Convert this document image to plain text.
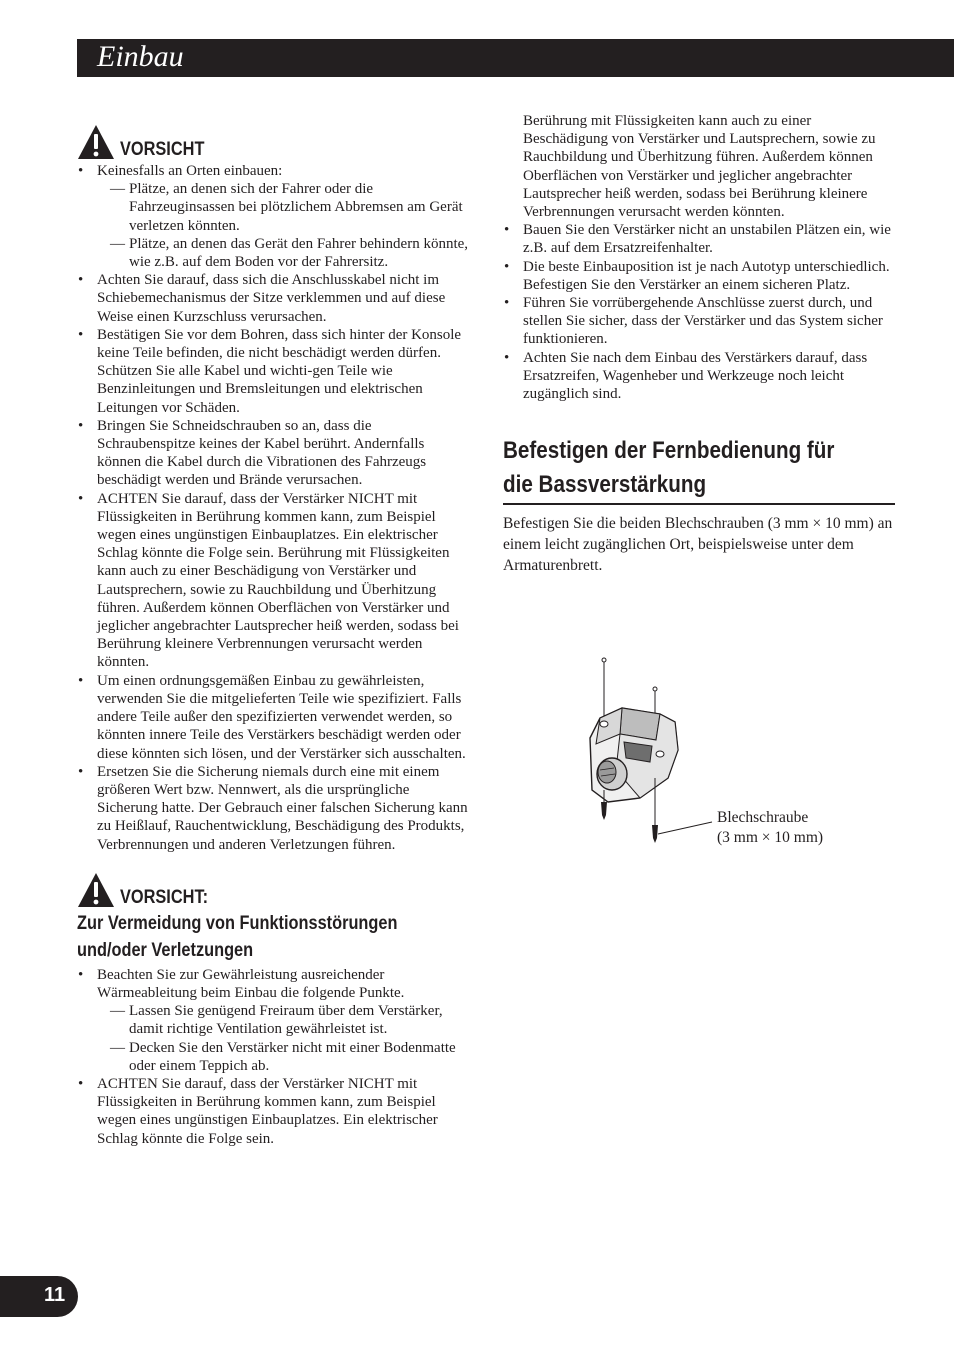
Einbau
VORSICHT
• Keinesfalls an Orten einbauen:
— Plätze, an denen sich der Fahrer oder die Fahrzeuginsassen bei plötzlichem Abbremsen am Gerät verletzen könnten.
— Plätze, an denen das Gerät den Fahrer behindern könnte, wie z.B. auf dem Boden vor der Fahrersitz.
• Achten Sie darauf, dass sich die Anschlusskabel nicht im Schiebemechanismus der Sitze verklemmen und auf diese Weise einen Kurzschluss verursachen.
• Bestätigen Sie vor dem Bohren, dass sich hinter der Konsole keine Teile befinden, die nicht beschädigt werden dürfen. Schützen Sie alle Kabel und wichti-gen Teile wie Benzinleitungen und Bremsleitungen und elektrischen Leitungen vor Schäden.
• Bringen Sie Schneidschrauben so an, dass die Schraubenspitze keines der Kabel berührt. Andernfalls können die Kabel durch die Vibrationen des Fahrzeugs beschädigt werden und Brände verursachen.
• ACHTEN Sie darauf, dass der Verstärker NICHT mit Flüssigkeiten in Berührung kommen kann, zum Beispiel wegen eines ungünstigen Einbauplatzes. Ein elektrischer Schlag könnte die Folge sein. Berührung mit Flüssigkeiten kann auch zu einer Beschädigung von Verstärker und Lautsprechern, sowie zu Rauchbildung und Überhitzung führen. Außerdem können Oberflächen von Verstärker und jeglicher angebrachter Lautsprecher heiß werden, sodass bei Berührung kleinere Verbrennungen verursacht werden könnten.
• Um einen ordnungsgemäßen Einbau zu gewährleisten, verwenden Sie die mitgelieferten Teile wie spezifiziert. Falls andere Teile außer den spezifizierten verwendet werden, so könnten innere Teile des Verstärkers beschädigt werden oder diese könnten sich lösen, und der Verstärker sich ausschalten.
• Ersetzen Sie die Sicherung niemals durch eine mit einem größeren Wert bzw. Nennwert, als die ursprüngliche Sicherung hatte. Der Gebrauch einer falschen Sicherung kann zu Heißlauf, Rauchentwicklung, Beschädigung des Produkts, Verbrennungen und anderen Verletzungen führen.
VORSICHT:
Zur Vermeidung von Funktionsstörungen und/oder Verletzungen
• Beachten Sie zur Gewährleistung ausreichender Wärmeableitung beim Einbau die folgende Punkte.
— Lassen Sie genügend Freiraum über dem Verstärker, damit richtige Ventilation gewährleistet ist.
— Decken Sie den Verstärker nicht mit einer Bodenmatte oder einem Teppich ab.
• ACHTEN Sie darauf, dass der Verstärker NICHT mit Flüssigkeiten in Berührung kommen kann, zum Beispiel wegen eines ungünstigen Einbauplatzes. Ein elektrischer Schlag könnte die Folge sein.
Berührung mit Flüssigkeiten kann auch zu einer Beschädigung von Verstärker und Lautsprechern, sowie zu Rauchbildung und Überhitzung führen. Außerdem können Oberflächen von Verstärker und jeglicher angebrachter Lautsprecher heiß werden, sodass bei Berührung kleinere Verbrennungen verursacht werden könnten.
• Bauen Sie den Verstärker nicht an unstabilen Plätzen ein, wie z.B. auf dem Ersatzreifenhalter.
• Die beste Einbauposition ist je nach Autotyp unterschiedlich. Befestigen Sie den Verstärker an einem sicheren Platz.
• Führen Sie vorrübergehende Anschlüsse zuerst durch, und stellen Sie sicher, dass der Verstärker und das System sicher funktionieren.
• Achten Sie nach dem Einbau des Verstärkers darauf, dass Ersatzreifen, Wagenheber und Werkzeuge noch leicht zugänglich sind.
Befestigen der Fernbedienung für
die Bassverstärkung
Befestigen Sie die beiden Blechschrauben (3 mm × 10 mm) an einem leicht zugänglichen Ort, beispielsweise unter dem Armaturenbrett.
Blechschraube
(3 mm × 10 mm)
11
